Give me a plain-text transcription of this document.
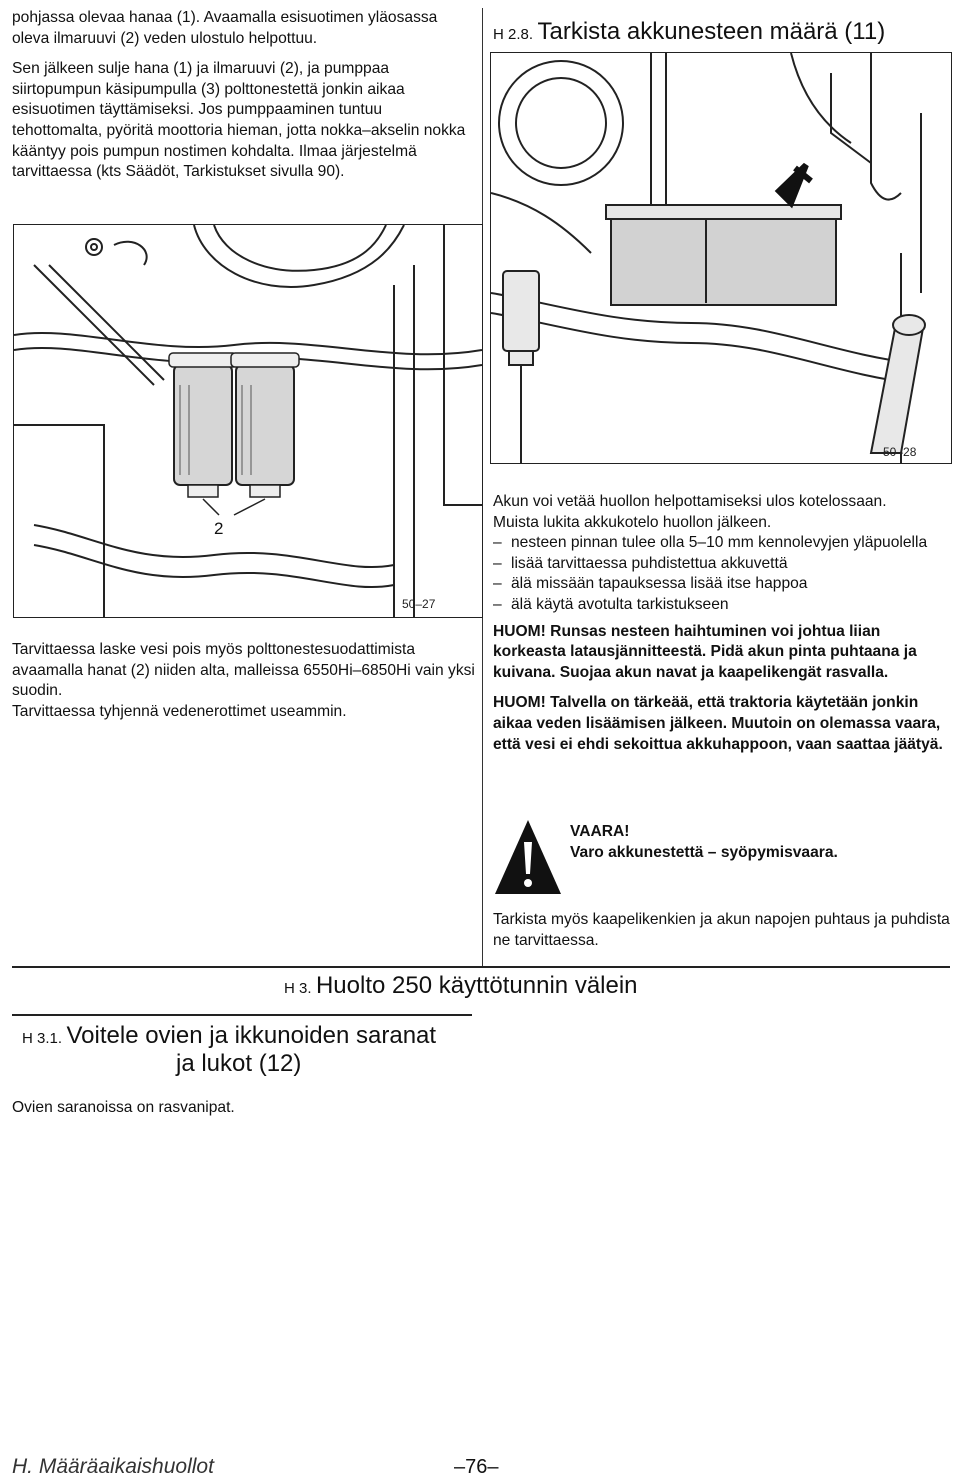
pohjassa olevaa hanaa (1). Avaamalla esisuotimen yläosassa oleva ilmaruuvi (2) veden ulostulo helpottuu.

Sen jälkeen sulje hana (1) ja ilmaruuvi (2), ja pumppaa siirtopumpun käsipumpulla (3) polttonestettä jonkin aikaa esisuotimen täyttämiseksi. Jos pumppaaminen tuntuu tehottomalta, pyöritä moottoria hieman, jotta nokka–akselin nokka kääntyy pois pumpun nostimen kohdalta. Ilmaa järjestelmä tarvittaessa (kts Säädöt, Tarkistukset sivulla 90).

2
50–27

Tarvittaessa laske vesi pois myös polttonestesuodattimista avaamalla hanat (2) niiden alta, malleissa 6550Hi–6850Hi vain yksi suodin.

Tarvittaessa tyhjennä vedenerottimet useammin.

H 2.8. Tarkista akkunesteen määrä (11)
50–28

Akun voi vetää huollon helpottamiseksi ulos kotelossaan.

Muista lukita akkukotelo huollon jälkeen.

– nesteen pinnan tulee olla 5–10 mm kennolevyjen yläpuolella
– lisää tarvittaessa puhdistettua akkuvettä
– älä missään tapauksessa lisää itse happoa
– älä käytä avotulta tarkistukseen

HUOM! Runsas nesteen haihtuminen voi johtua liian korkeasta latausjännitteestä. Pidä akun pinta puhtaana ja kuivana. Suojaa akun navat ja kaapelikengät rasvalla.

HUOM! Talvella on tärkeää, että traktoria käytetään jonkin aikaa veden lisäämisen jälkeen. Muutoin on olemassa vaara, että vesi ei ehdi sekoittua akkuhappoon, vaan saattaa jäätyä.

VAARA!
Varo akkunestettä – syöpymisvaara.
Tarkista myös kaapelikenkien ja akun napojen puhtaus ja puhdista ne tarvittaessa.
H 3. Huolto 250 käyttötunnin välein
H 3.1. Voitele ovien ja ikkunoiden saranat
ja lukot (12)
Ovien saranoissa on rasvanipat.
H. Määräaikaishuollot	–76–
